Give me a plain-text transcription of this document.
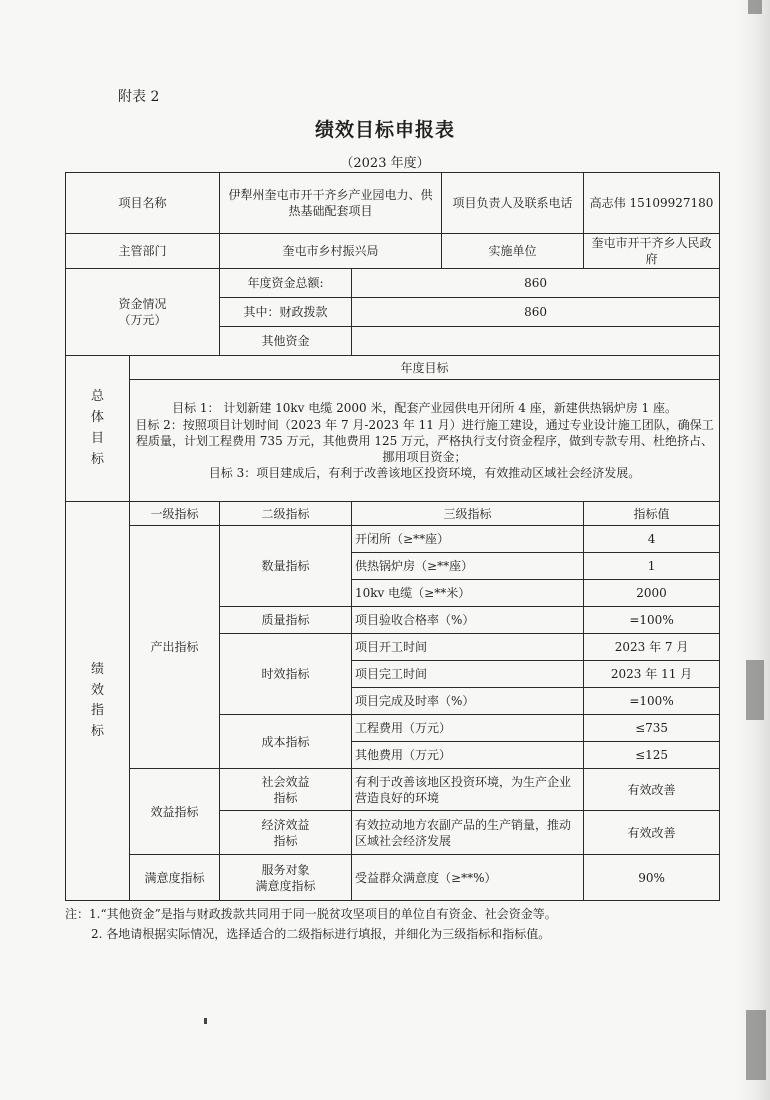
附表 2
绩效目标申报表
（2023 年度）
项目名称		伊犁州奎屯市开干齐乡产业园电力、供热基础配套项目		项目负责人及联系电话	高志伟 15109927180
主管部门		奎屯市乡村振兴局		实施单位	奎屯市开干齐乡人民政府
资金情况
（万元）		年度资金总额:	860		
		其中：财政拨款	860		
		其他资金			
总
体
目
标	年度目标				

	目标 1： 计划新建 10kv 电缆 2000 米，配套产业园供电开闭所 4 座，新建供热锅炉房 1 座。

目标 2：按照项目计划时间（2023 年 7 月-2023 年 11 月）进行施工建设，通过专业设计施工团队，确保工程质量，计划工程费用 735 万元，其他费用 125 万元，严格执行支付资金程序，做到专款专用、杜绝挤占、挪用项目资金；

目标 3：项目建成后，有利于改善该地区投资环境，有效推动区域社会经济发展。				

绩
效
指
标	一级指标	二级指标	三级指标		指标值
	产出指标	数量指标	开闭所（≥**座）		4
			供热锅炉房（≥**座）		1
			10kv 电缆（≥**米）		2000
		质量指标	项目验收合格率（%）		=100%
		时效指标	项目开工时间		2023 年 7 月
			项目完工时间		2023 年 11 月
			项目完成及时率（%）		=100%
		成本指标	工程费用（万元）		≤735
			其他费用（万元）		≤125
	效益指标	社会效益
指标	有利于改善该地区投资环境，为生产企业营造良好的环境		有效改善
		经济效益
指标	有效拉动地方农副产品的生产销量，推动区域社会经济发展		有效改善
	满意度指标	服务对象
满意度指标	受益群众满意度（≥**%）		90%

注：1.“其他资金”是指与财政拨款共同用于同一脱贫攻坚项目的单位自有资金、社会资金等。

2. 各地请根据实际情况，选择适合的二级指标进行填报，并细化为三级指标和指标值。
